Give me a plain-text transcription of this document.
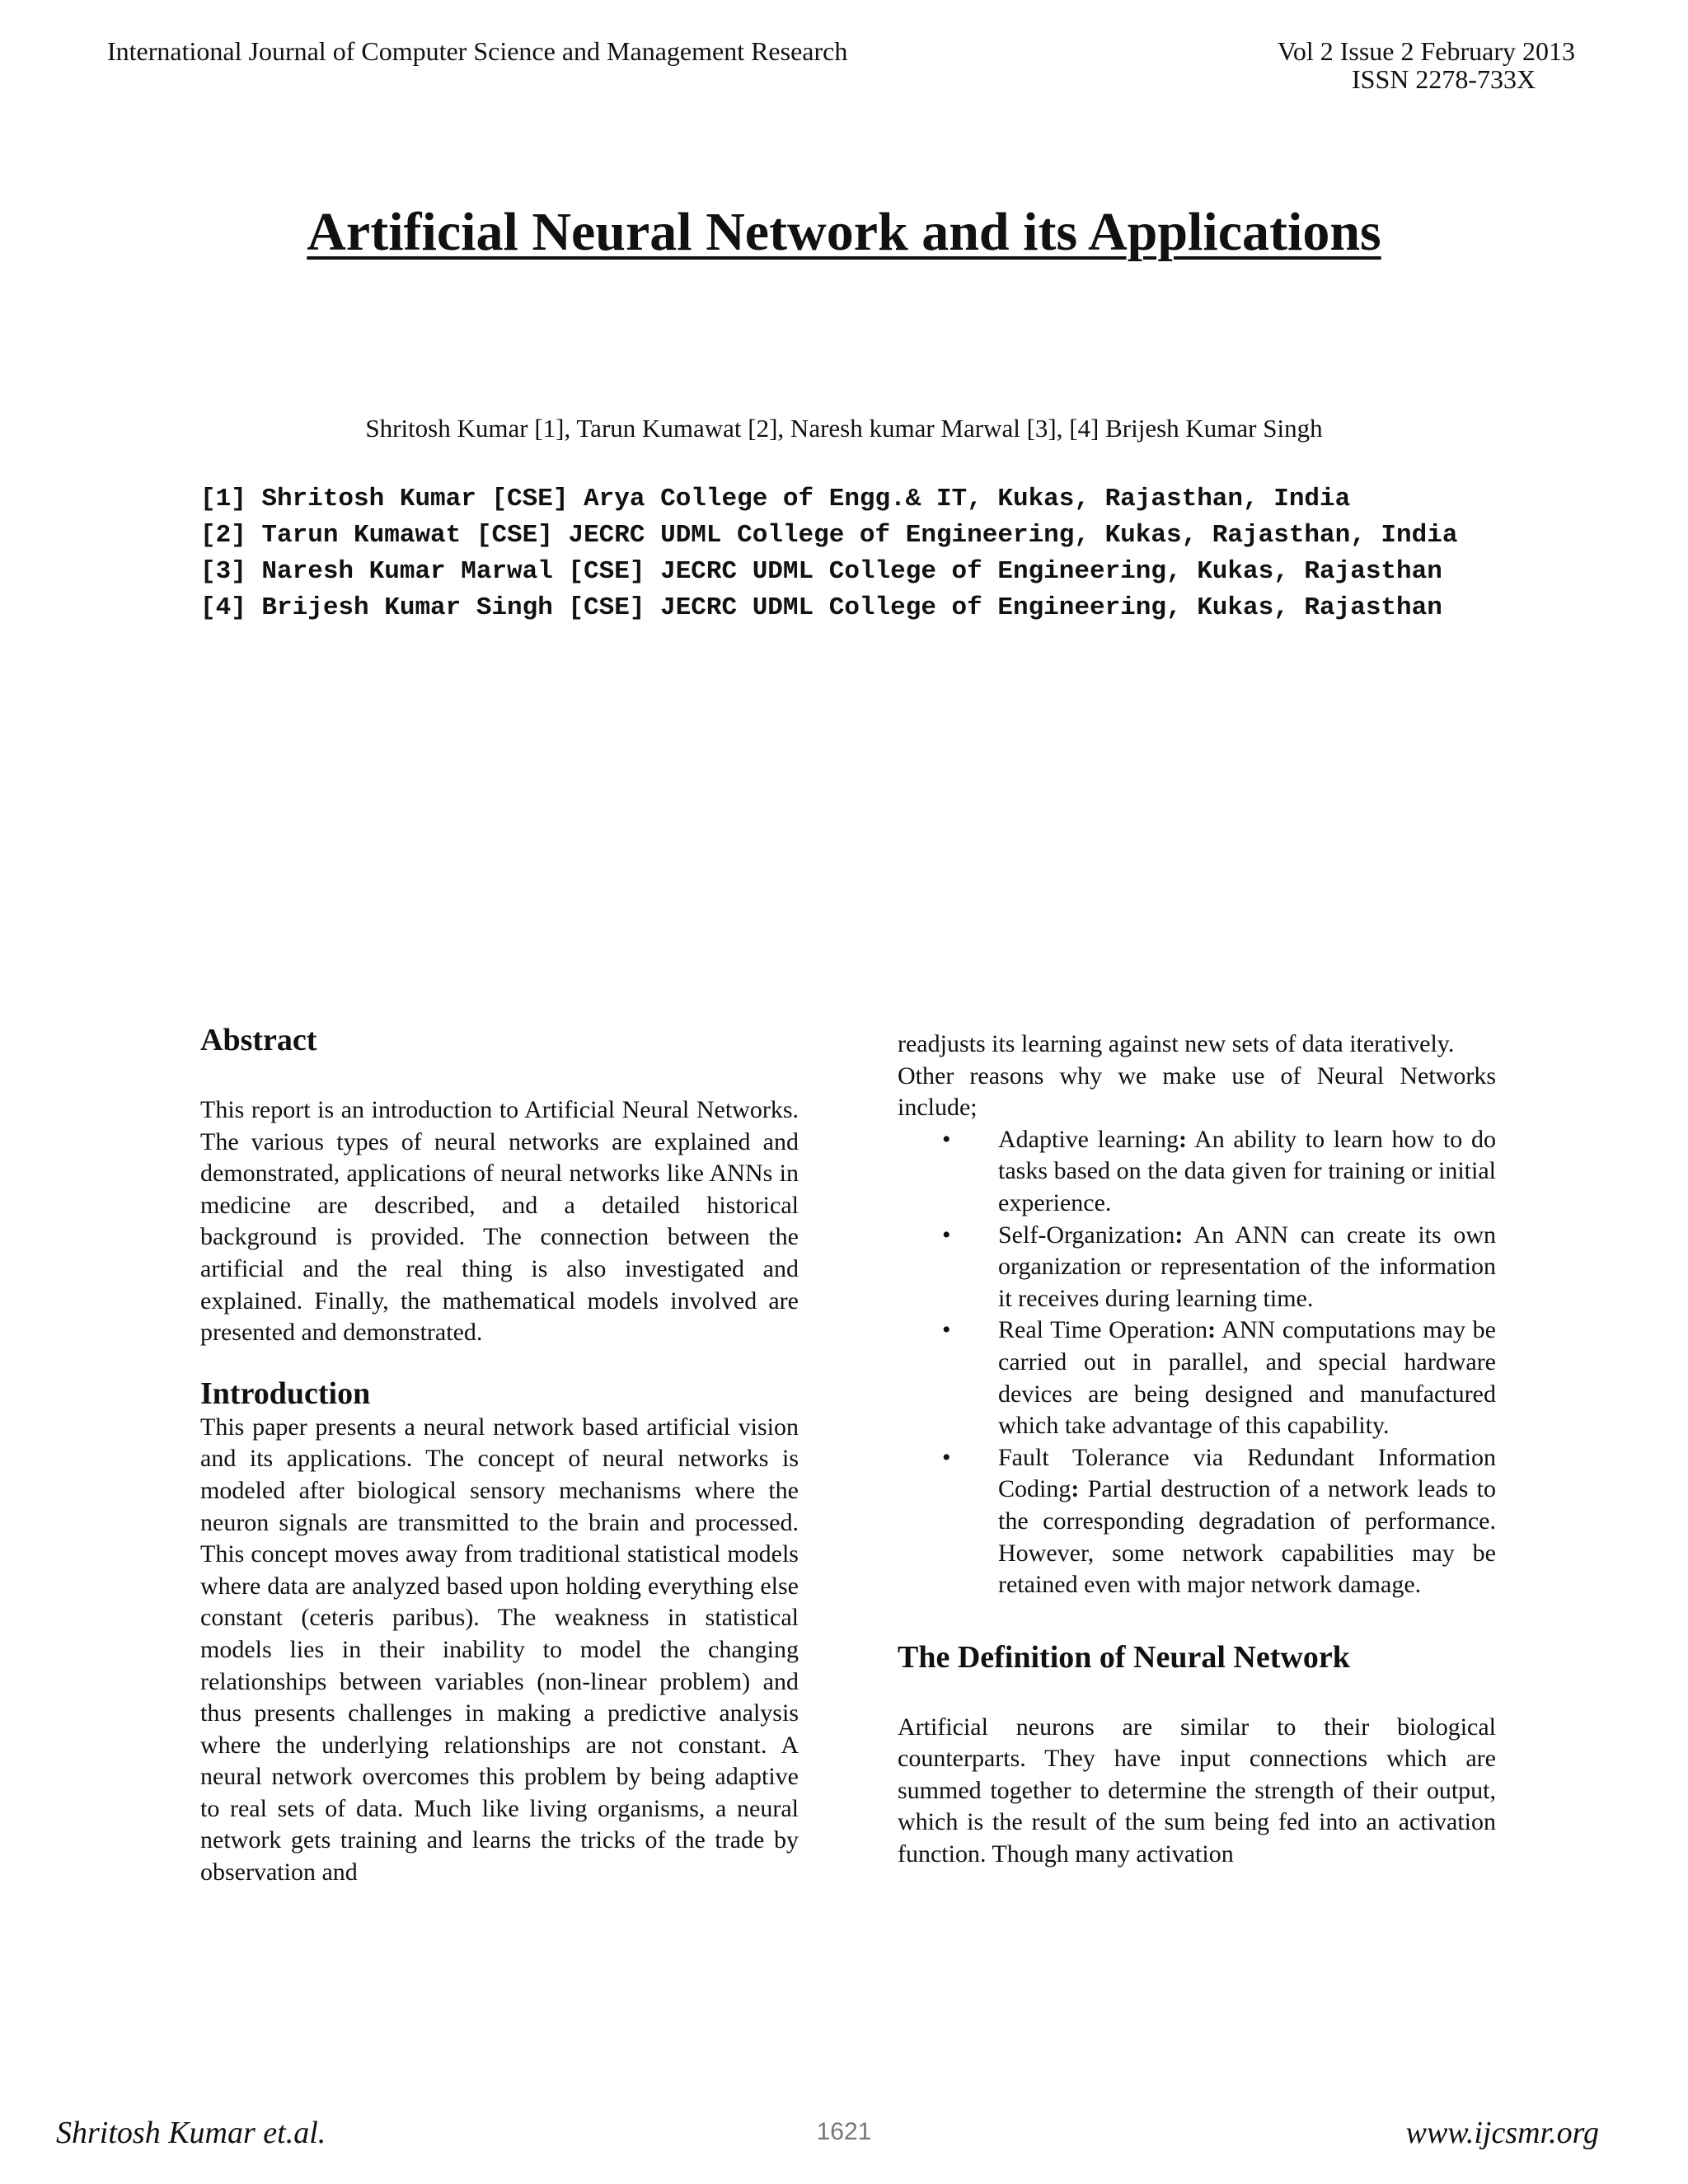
International Journal of Computer Science and Management Research	Vol 2 Issue 2 February 2013
ISSN 2278-733X
Artificial Neural Network and its Applications
Shritosh Kumar [1], Tarun Kumawat [2], Naresh kumar Marwal [3], [4] Brijesh Kumar Singh
[1] Shritosh Kumar [CSE] Arya College of Engg.& IT, Kukas, Rajasthan, India
[2] Tarun Kumawat [CSE] JECRC UDML College of Engineering, Kukas, Rajasthan, India
[3] Naresh Kumar Marwal [CSE] JECRC UDML College of Engineering, Kukas, Rajasthan
[4] Brijesh Kumar Singh [CSE] JECRC UDML College of Engineering, Kukas, Rajasthan

Abstract

This report is an introduction to Artificial Neural Networks. The various types of neural networks are explained and demonstrated, applications of neural networks like ANNs in medicine are described, and a detailed historical background is provided. The connection between the artificial and the real thing is also investigated and explained. Finally, the mathematical models involved are presented and demonstrated.

Introduction

This paper presents a neural network based artificial vision and its applications. The concept of neural networks is modeled after biological sensory mechanisms where the neuron signals are transmitted to the brain and processed. This concept moves away from traditional statistical models where data are analyzed based upon holding everything else constant (ceteris paribus). The weakness in statistical models lies in their inability to model the changing relationships between variables (non-linear problem) and thus presents challenges in making a predictive analysis where the underlying relationships are not constant. A neural network overcomes this problem by being adaptive to real sets of data. Much like living organisms, a neural network gets training and learns the tricks of the trade by observation and

readjusts its learning against new sets of data iteratively.

Other reasons why we make use of Neural Networks include;

• Adaptive learning: An ability to learn how to do tasks based on the data given for training or initial experience.
• Self-Organization: An ANN can create its own organization or representation of the information it receives during learning time.
• Real Time Operation: ANN computations may be carried out in parallel, and special hardware devices are being designed and manufactured which take advantage of this capability.
• Fault Tolerance via Redundant Information Coding: Partial destruction of a network leads to the corresponding degradation of performance. However, some network capabilities may be retained even with major network damage.

The Definition of Neural Network

Artificial neurons are similar to their biological counterparts. They have input connections which are summed together to determine the strength of their output, which is the result of the sum being fed into an activation function. Though many activation

Shritosh Kumar et.al.	1621	www.ijcsmr.org
